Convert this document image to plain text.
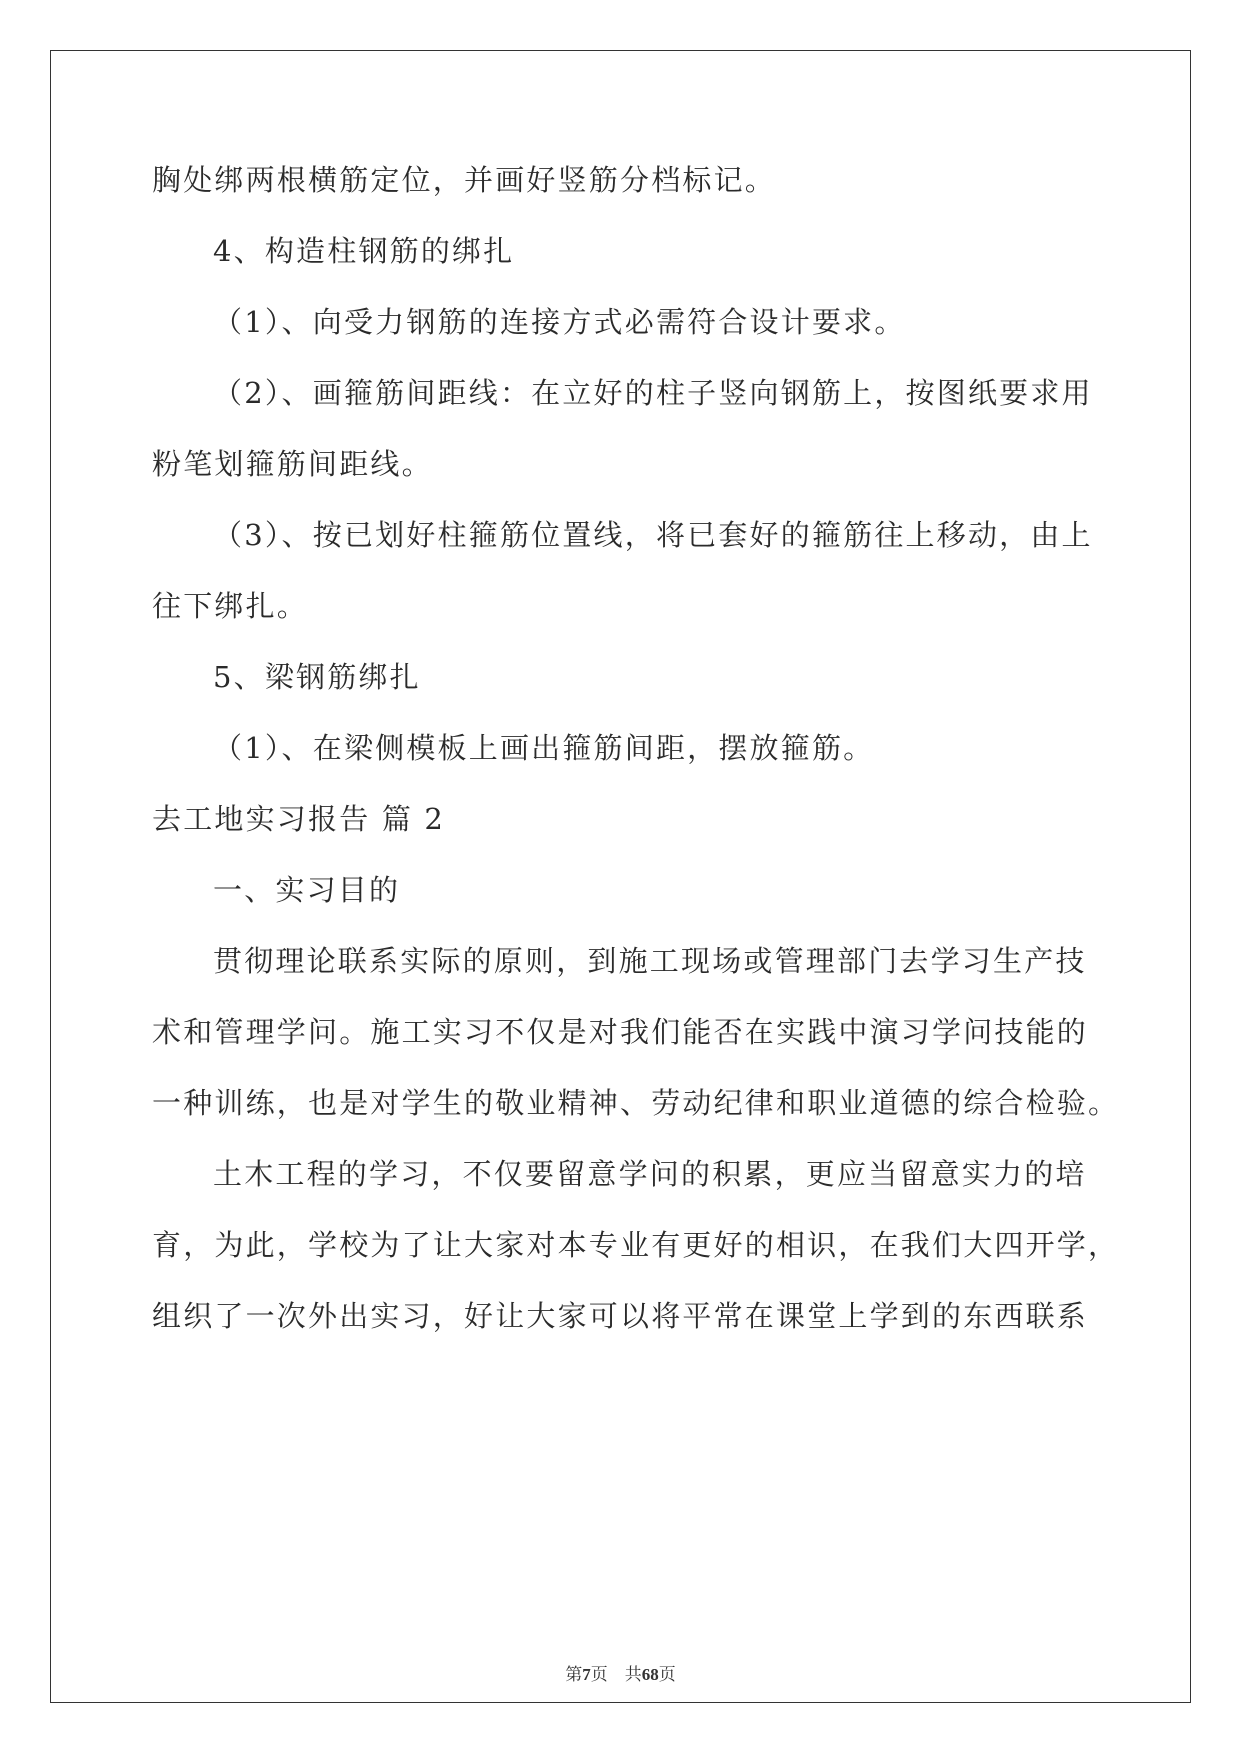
胸处绑两根横筋定位，并画好竖筋分档标记。
4、构造柱钢筋的绑扎
（1）、向受力钢筋的连接方式必需符合设计要求。
（2）、画箍筋间距线：在立好的柱子竖向钢筋上，按图纸要求用
粉笔划箍筋间距线。
（3）、按已划好柱箍筋位置线，将已套好的箍筋往上移动，由上
往下绑扎。
5、梁钢筋绑扎
（1）、在梁侧模板上画出箍筋间距，摆放箍筋。
去工地实习报告 篇 2
一、实习目的
贯彻理论联系实际的原则，到施工现场或管理部门去学习生产技
术和管理学问。施工实习不仅是对我们能否在实践中演习学问技能的
一种训练，也是对学生的敬业精神、劳动纪律和职业道德的综合检验。
土木工程的学习，不仅要留意学问的积累，更应当留意实力的培
育，为此，学校为了让大家对本专业有更好的相识，在我们大四开学，
组织了一次外出实习，好让大家可以将平常在课堂上学到的东西联系
第7页    共68页
